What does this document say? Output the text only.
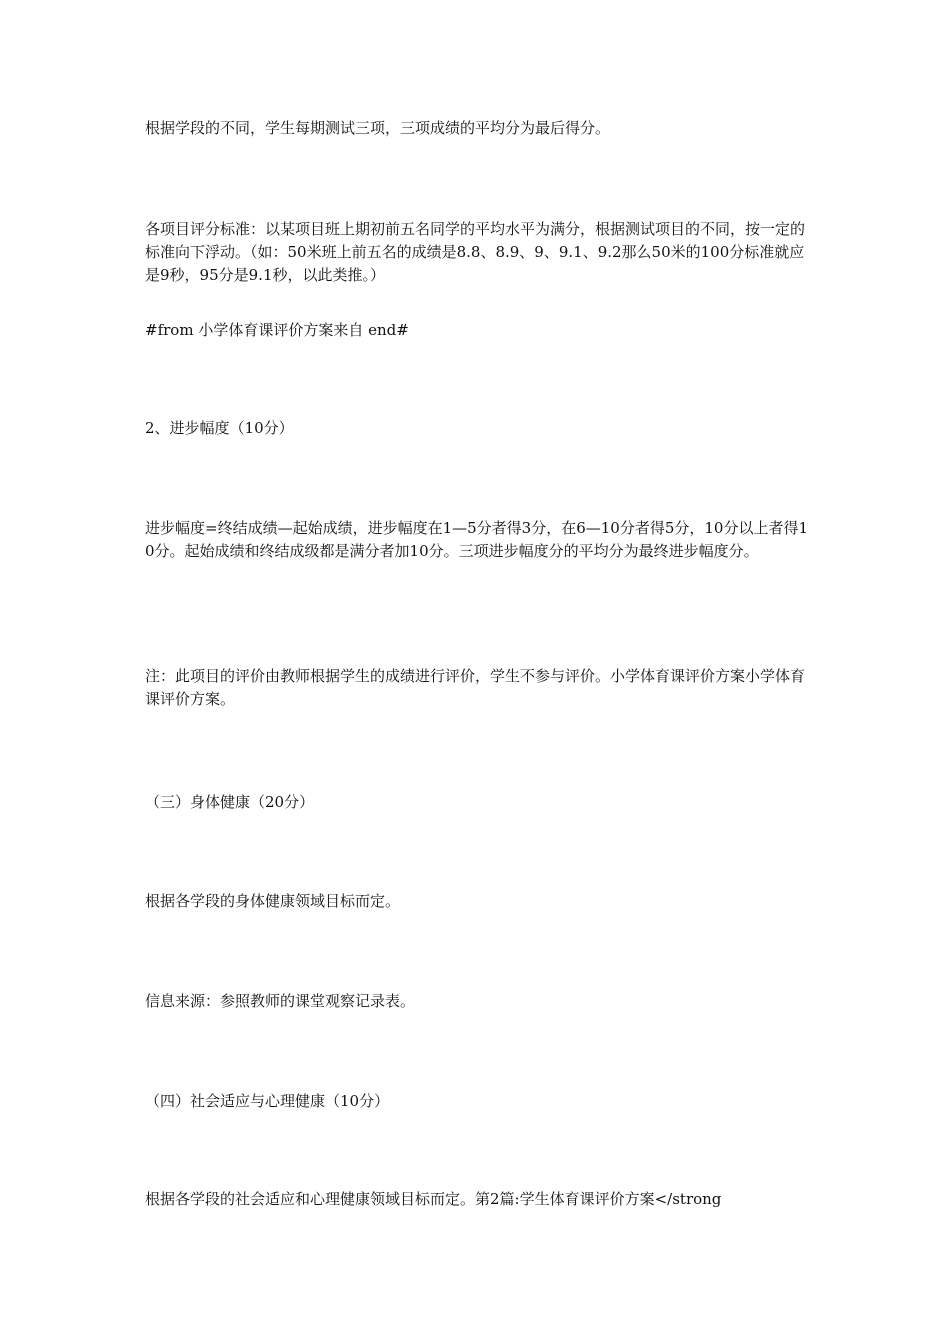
根据学段的不同，学生每期测试三项，三项成绩的平均分为最后得分。

各项目评分标准：以某项目班上期初前五名同学的平均水平为满分，根据测试项目的不同，按一定的标准向下浮动。（如：50米班上前五名的成绩是8.8、8.9、9、9.1、9.2那么50米的100分标准就应是9秒，95分是9.1秒，以此类推。）

#from 小学体育课评价方案来自 end#

2、进步幅度（10分）

进步幅度=终结成绩—起始成绩，进步幅度在1—5分者得3分，在6—10分者得5分，10分以上者得10分。起始成绩和终结成级都是满分者加10分。三项进步幅度分的平均分为最终进步幅度分。

注：此项目的评价由教师根据学生的成绩进行评价，学生不参与评价。小学体育课评价方案小学体育课评价方案。

（三）身体健康（20分）

根据各学段的身体健康领域目标而定。

信息来源：参照教师的课堂观察记录表。

（四）社会适应与心理健康（10分）

根据各学段的社会适应和心理健康领域目标而定。第2篇:学生体育课评价方案</strong
